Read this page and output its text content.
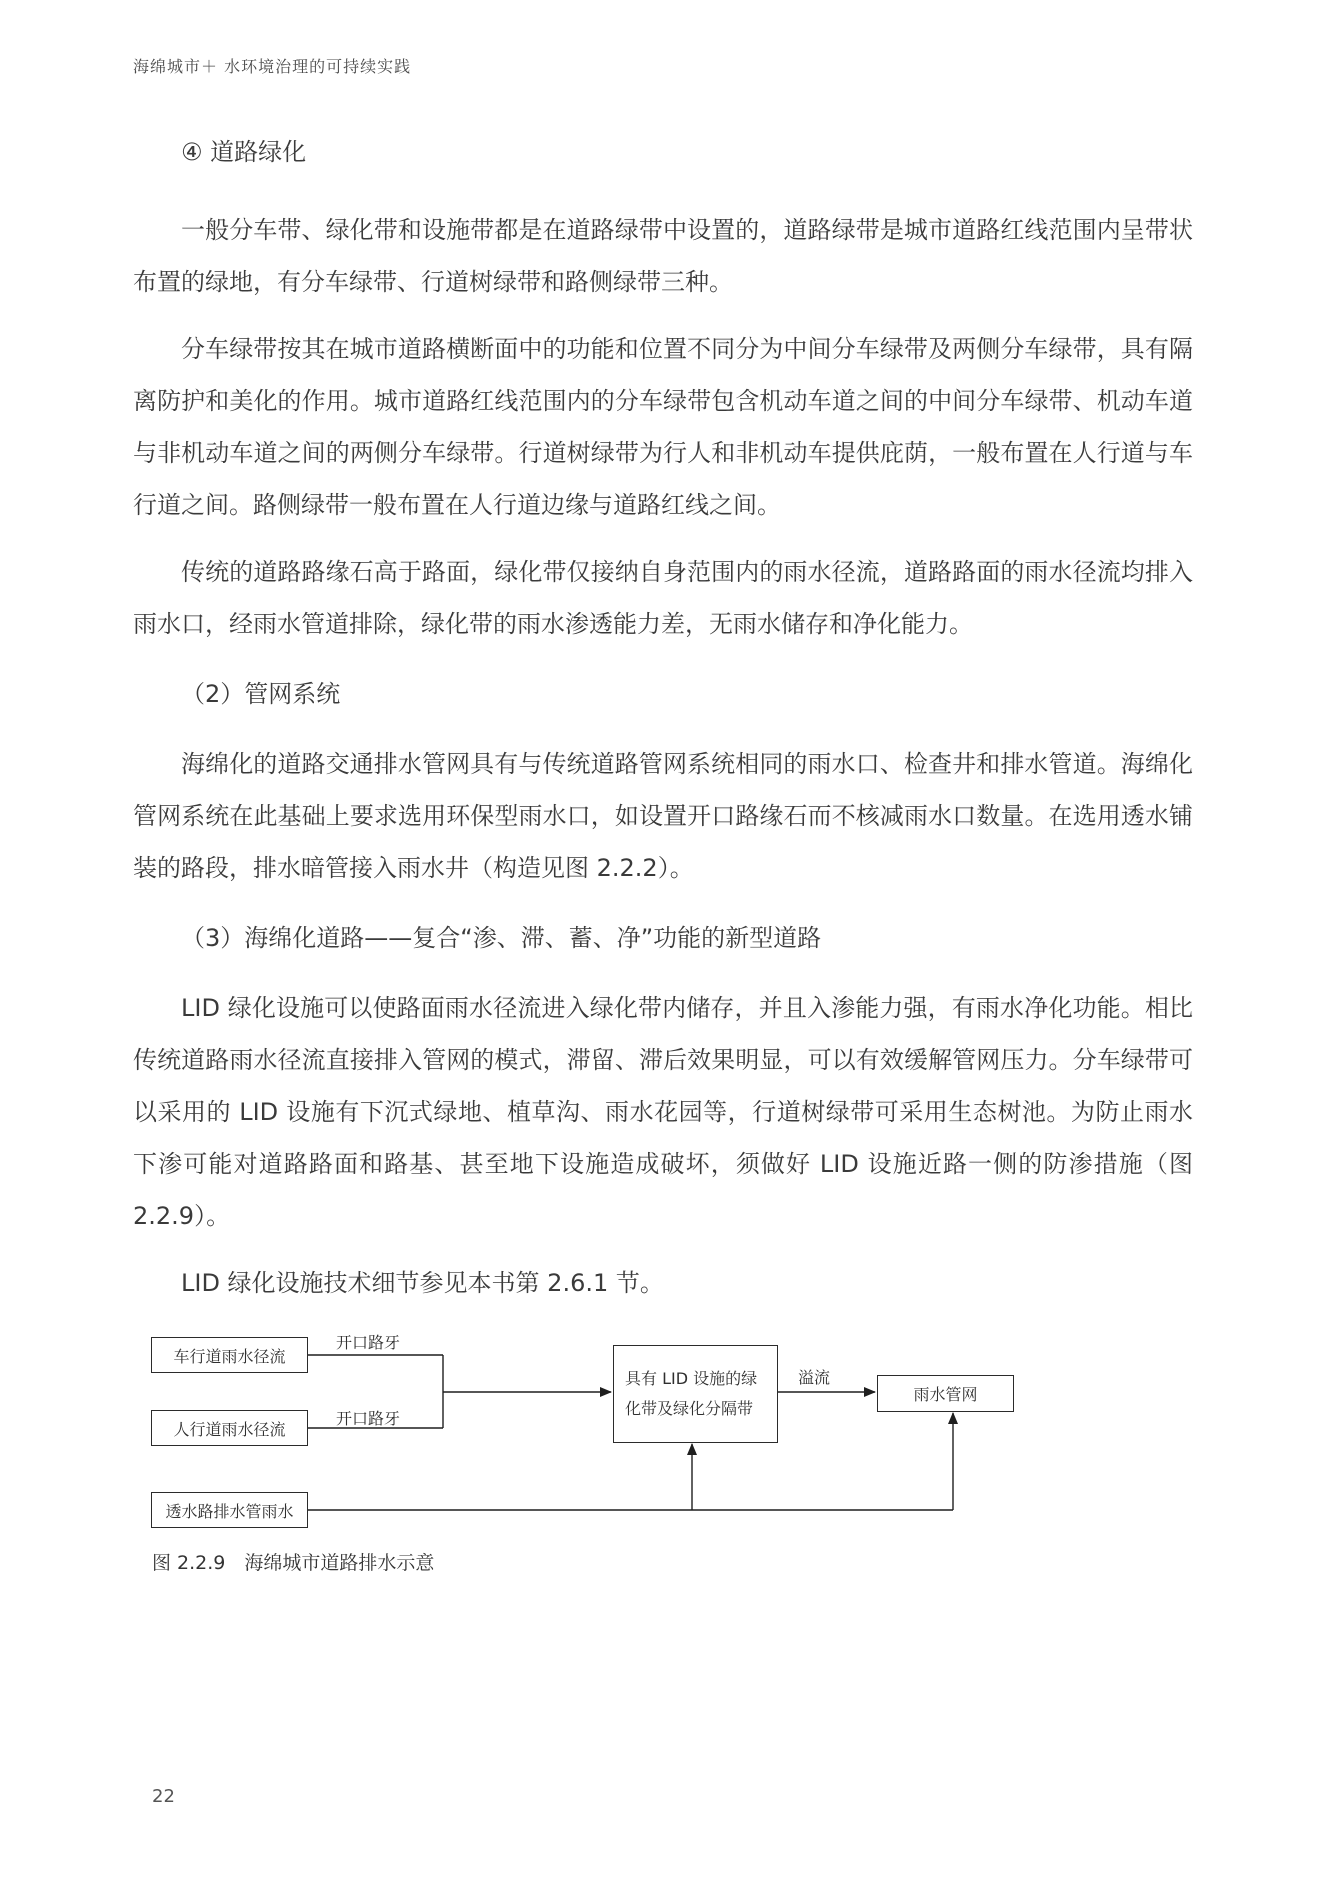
海绵城市＋ 水环境治理的可持续实践

④ 道路绿化

一般分车带、绿化带和设施带都是在道路绿带中设置的，道路绿带是城市道路红线范围内呈带状布置的绿地，有分车绿带、行道树绿带和路侧绿带三种。

分车绿带按其在城市道路横断面中的功能和位置不同分为中间分车绿带及两侧分车绿带，具有隔离防护和美化的作用。城市道路红线范围内的分车绿带包含机动车道之间的中间分车绿带、机动车道与非机动车道之间的两侧分车绿带。行道树绿带为行人和非机动车提供庇荫，一般布置在人行道与车行道之间。路侧绿带一般布置在人行道边缘与道路红线之间。

传统的道路路缘石高于路面，绿化带仅接纳自身范围内的雨水径流，道路路面的雨水径流均排入雨水口，经雨水管道排除，绿化带的雨水渗透能力差，无雨水储存和净化能力。

（2）管网系统

海绵化的道路交通排水管网具有与传统道路管网系统相同的雨水口、检查井和排水管道。海绵化管网系统在此基础上要求选用环保型雨水口，如设置开口路缘石而不核减雨水口数量。在选用透水铺装的路段，排水暗管接入雨水井（构造见图 2.2.2）。

（3）海绵化道路——复合“渗、滞、蓄、净”功能的新型道路

LID 绿化设施可以使路面雨水径流进入绿化带内储存，并且入渗能力强，有雨水净化功能。相比传统道路雨水径流直接排入管网的模式，滞留、滞后效果明显，可以有效缓解管网压力。分车绿带可以采用的 LID 设施有下沉式绿地、植草沟、雨水花园等，行道树绿带可采用生态树池。为防止雨水下渗可能对道路路面和路基、甚至地下设施造成破坏，须做好 LID 设施近路一侧的防渗措施（图 2.2.9）。

LID 绿化设施技术细节参见本书第 2.6.1 节。

车行道雨水径流
人行道雨水径流
透水路排水管雨水
具有 LID 设施的绿化带及绿化分隔带
雨水管网
开口路牙
开口路牙
溢流
图 2.2.9　海绵城市道路排水示意
22
